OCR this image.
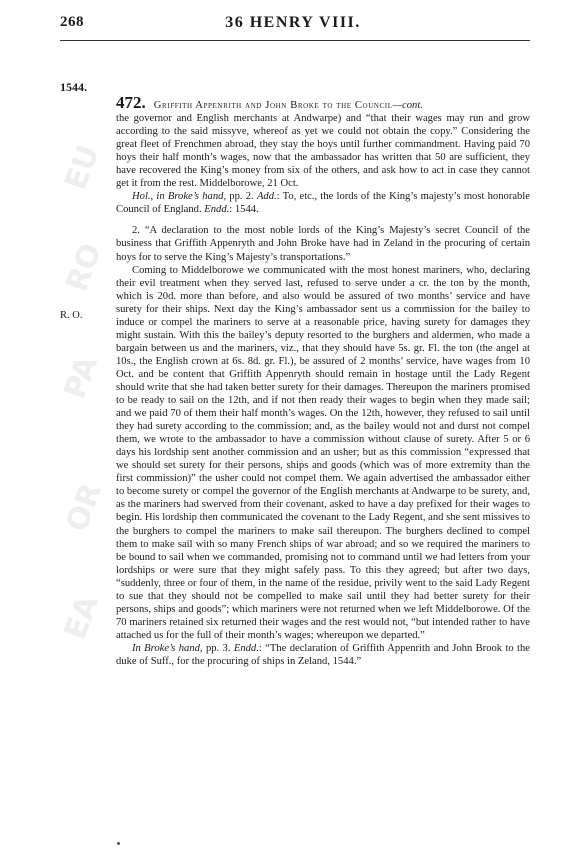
EU
RO
PA
OR
EA
268	36 HENRY VIII.
1544.
R. O.

472. Griffith Appenrith and John Broke to the Council—cont.

the governor and English merchants at Andwarpe) and “that their wages may run and grow according to the said missyve, whereof as yet we could not obtain the copy.” Considering the great fleet of Frenchmen abroad, they stay the hoys until further commandment. Having paid 70 hoys their half month’s wages, now that the ambassador has written that 50 are sufficient, they have recovered the King’s money from six of the others, and ask how to act in case they cannot get it from the rest. Middelborowe, 21 Oct.

Hol., in Broke’s hand, pp. 2. Add.: To, etc., the lords of the King’s majesty’s most honorable Council of England. Endd.: 1544.

2. “A declaration to the most noble lords of the King’s Majesty’s secret Council of the business that Griffith Appenryth and John Broke have had in Zeland in the procuring of certain hoys for to serve the King’s Majesty’s transportations.”

Coming to Middelborowe we communicated with the most honest mariners, who, declaring their evil treatment when they served last, refused to serve under a cr. the ton by the month, which is 20d. more than before, and also would be assured of two months’ service and have surety for their ships. Next day the King’s ambassador sent us a commission for the bailey to induce or compel the mariners to serve at a reasonable price, having surety for damages they might sustain. With this the bailey’s deputy resorted to the burghers and aldermen, who made a bargain between us and the mariners, viz., that they should have 5s. gr. Fl. the ton (the angel at 10s., the English crown at 6s. 8d. gr. Fl.), be assured of 2 months’ service, have wages from 10 Oct. and be content that Griffith Appenryth should remain in hostage until the Lady Regent should write that she had taken better surety for their damages. Thereupon the mariners promised to be ready to sail on the 12th, and if not then ready their wages to begin when they made sail; and we paid 70 of them their half month’s wages. On the 12th, however, they refused to sail until they had surety according to the commission; and, as the bailey would not and durst not compel them, we wrote to the ambassador to have a commission without clause of surety. After 5 or 6 days his lordship sent another commission and an usher; but as this commission “expressed that we should set surety for their persons, ships and goods (which was of more extremity than the first commission)” the usher could not compel them. We again advertised the ambassador either to become surety or compel the governor of the English merchants at Andwarpe to be surety, and, as the mariners had swerved from their covenant, asked to have a day prefixed for their wages to begin. His lordship then communicated the covenant to the Lady Regent, and she sent missives to the burghers to compel the mariners to make sail thereupon. The burghers declined to compel them to make sail with so many French ships of war abroad; and so we required the mariners to be bound to sail when we commanded, promising not to command until we had letters from your lordships or were sure that they might safely pass. To this they agreed; but after two days, “suddenly, three or four of them, in the name of the residue, privily went to the said Lady Regent to sue that they should not be compelled to make sail until they had better surety for their persons, ships and goods”; which mariners were not returned when we left Middelborowe. Of the 70 mariners retained six returned their wages and the rest would not, “but intended rather to have attached us for the full of their month’s wages; whereupon we departed.”

In Broke’s hand, pp. 3. Endd.: “The declaration of Griffith Appenrith and John Brook to the duke of Suff., for the procuring of ships in Zeland, 1544.”
